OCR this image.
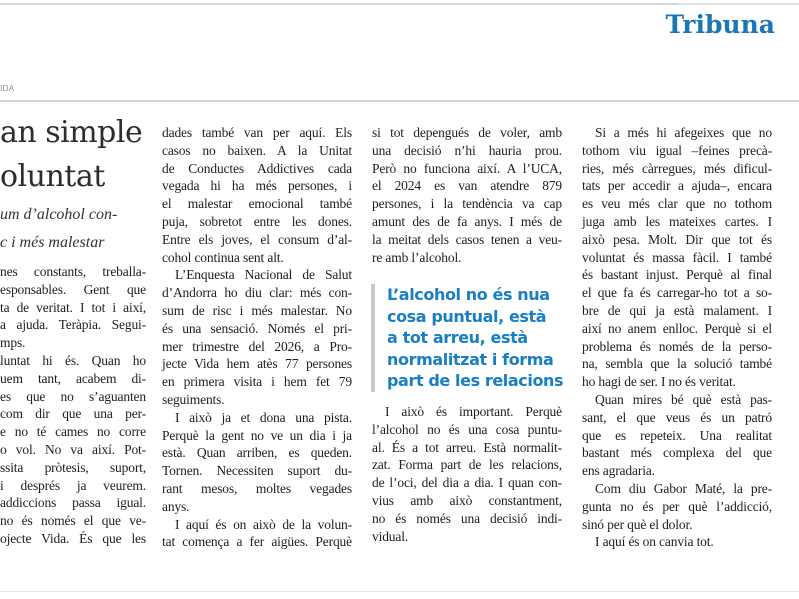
Tribuna
IDA
an simple
oluntat
um d’alcohol con-
c i més malestar
nes constants, treballa-
esponsables. Gent que
ta de veritat. I tot i així,
a ajuda. Teràpia. Segui-
mps.
luntat hi és. Quan ho
uem tant, acabem di-
es que no s’aguanten
com dir que una per-
e no té cames no corre
o vol. No va així. Pot-
ssita pròtesis, suport,
i després ja veurem.
addiccions passa igual.
no és només el que ve-
ojecte Vida. És que les
dades també van per aquí. Els
casos no baixen. A la Unitat
de Conductes Addictives cada
vegada hi ha més persones, i
el malestar emocional també
puja, sobretot entre les dones.
Entre els joves, el consum d’al-
cohol continua sent alt.
L’Enquesta Nacional de Salut
d’Andorra ho diu clar: més con-
sum de risc i més malestar. No
és una sensació. Només el pri-
mer trimestre del 2026, a Pro-
jecte Vida hem atès 77 persones
en primera visita i hem fet 79
seguiments.
I això ja et dona una pista.
Perquè la gent no ve un dia i ja
està. Quan arriben, es queden.
Tornen. Necessiten suport du-
rant mesos, moltes vegades
anys.
I aquí és on això de la volun-
tat comença a fer aigües. Perquè
si tot depengués de voler, amb
una decisió n’hi hauria prou.
Però no funciona així. A l’UCA,
el 2024 es van atendre 879
persones, i la tendència va cap
amunt des de fa anys. I més de
la meitat dels casos tenen a veu-
re amb l’alcohol.
L’alcohol no és nua
cosa puntual, està
a tot arreu, està
normalitzat i forma
part de les relacions
I això és important. Perquè
l’alcohol no és una cosa puntu-
al. És a tot arreu. Està normalit-
zat. Forma part de les relacions,
de l’oci, del dia a dia. I quan con-
vius amb això constantment,
no és només una decisió indi-
vidual.
Si a més hi afegeixes que no
tothom viu igual –feines precà-
ries, més càrregues, més dificul-
tats per accedir a ajuda–, encara
es veu més clar que no tothom
juga amb les mateixes cartes. I
això pesa. Molt. Dir que tot és
voluntat és massa fàcil. I també
és bastant injust. Perquè al final
el que fa és carregar-ho tot a so-
bre de qui ja està malament. I
així no anem enlloc. Perquè si el
problema és només de la perso-
na, sembla que la solució també
ho hagi de ser. I no és veritat.
Quan mires bé què està pas-
sant, el que veus és un patró
que es repeteix. Una realitat
bastant més complexa del que
ens agradaria.
Com diu Gabor Maté, la pre-
gunta no és per què l’addicció,
sinó per què el dolor.
I aquí és on canvia tot.
